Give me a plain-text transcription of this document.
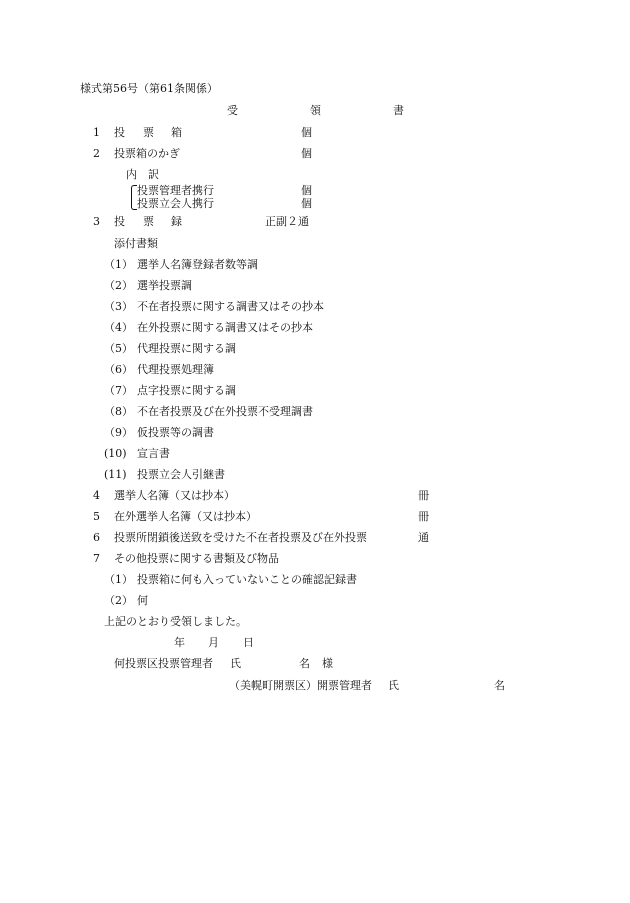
様式第56号（第61条関係）
受	領	書
1 投 票 箱	個
2 投票箱のかぎ	個
内 訳
投票管理者携行	個
投票立会人携行	個
3 投 票 録	正副２通
添付書類
（1） 選挙人名簿登録者数等調
（2） 選挙投票調
（3） 不在者投票に関する調書又はその抄本
（4） 在外投票に関する調書又はその抄本
（5） 代理投票に関する調
（6） 代理投票処理簿
（7） 点字投票に関する調
（8） 不在者投票及び在外投票不受理調書
（9） 仮投票等の調書
(10) 宣言書
(11) 投票立会人引継書
4 選挙人名簿（又は抄本）	冊
5 在外選挙人名簿（又は抄本）	冊
6 投票所閉鎖後送致を受けた不在者投票及び在外投票	通
7 その他投票に関する書類及び物品
（1） 投票箱に何も入っていないことの確認記録書
（2） 何
上記のとおり受領しました。
年 月 日
何投票区投票管理者 氏	名 様
（美幌町開票区）開票管理者 氏	名
